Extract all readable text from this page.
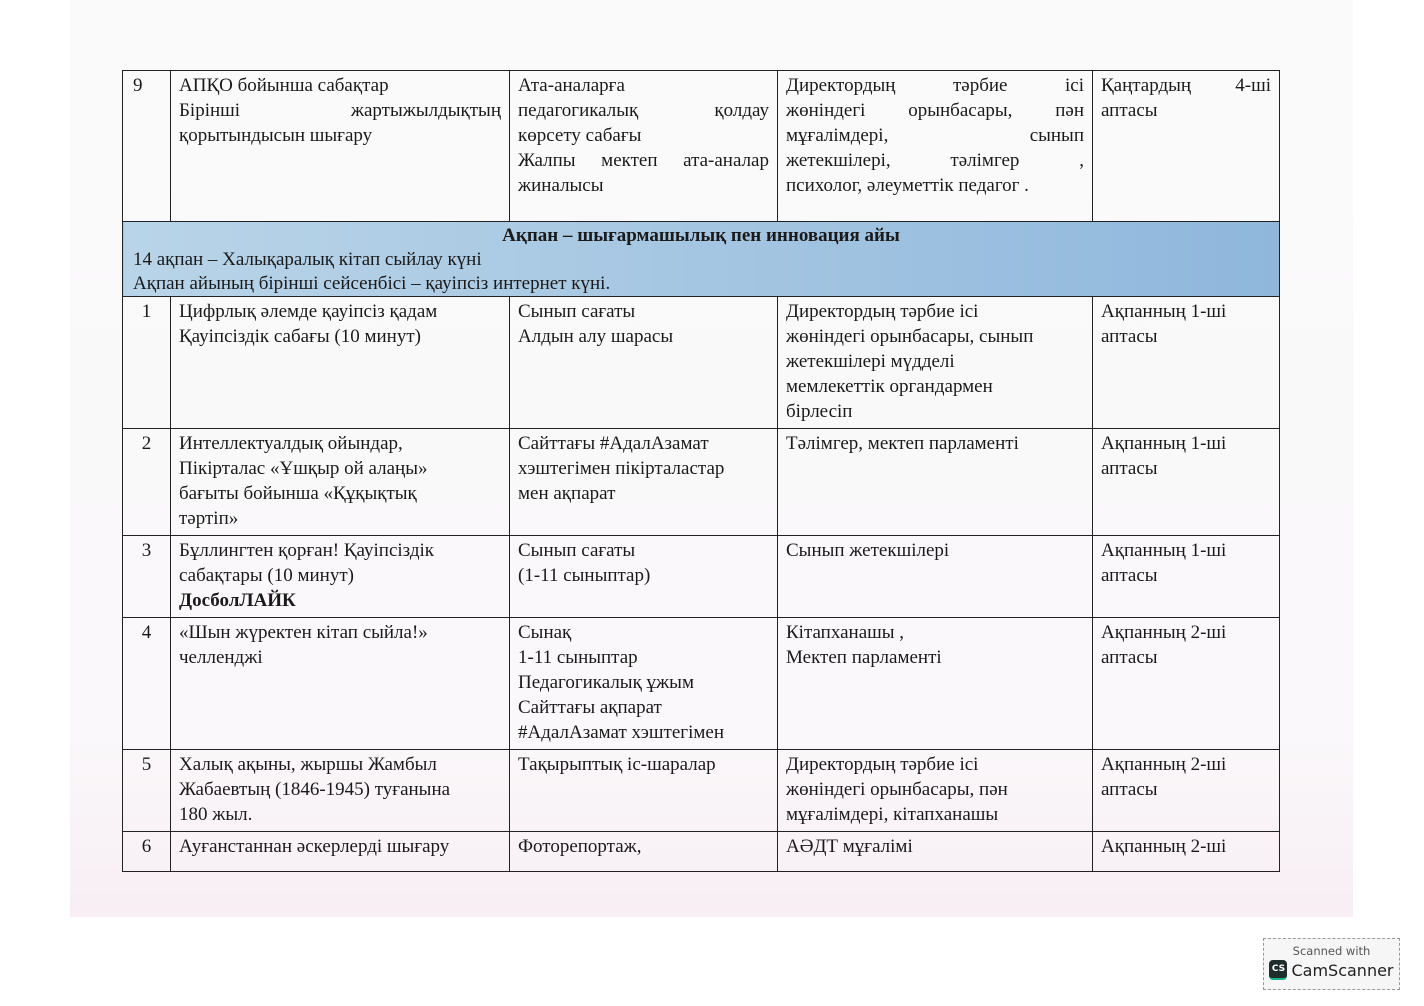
9	АПҚО бойынша сабақтар
Бірінші жартыжылдықтың
қорытындысын шығару	Ата-аналарға
педагогикалық қолдау
көрсету сабағы
Жалпы мектеп ата-аналар
жиналысы	Директордың тәрбие ісі
жөніндегі орынбасары, пән
мұғалімдері, сынып
жетекшілері, тәлімгер ,
психолог, әлеуметтік педагог .	Қаңтардың 4-ші
аптасы

Ақпан – шығармашылық пен инновация айы
14 ақпан – Халықаралық кітап сыйлау күні
Ақпан айының бірінші сейсенбісі – қауіпсіз интернет күні.				

1	Цифрлық әлемде қауіпсіз қадам
Қауіпсіздік сабағы (10 минут)	Сынып сағаты
Алдын алу шарасы	Директордың тәрбие ісі
жөніндегі орынбасары, сынып
жетекшілері мүдделі
мемлекеттік органдармен
бірлесіп	Ақпанның 1-ші
аптасы

2	Интеллектуалдық ойындар,
Пікірталас «Ұшқыр ой алаңы»
бағыты бойынша «Құқықтық
тәртіп»	Сайттағы #АдалАзамат
хэштегімен пікірталастар
мен ақпарат	Тәлімгер, мектеп парламенті	Ақпанның 1-ші
аптасы

3	Бұллингтен қорған! Қауіпсіздік
сабақтары (10 минут)
ДосболЛАЙК	Сынып сағаты
(1-11 сыныптар)	Сынып жетекшілері	Ақпанның 1-ші
аптасы

4	«Шын жүректен кітап сыйла!»
челленджі	Сынақ
1-11 сыныптар
Педагогикалық ұжым
Сайттағы ақпарат
#АдалАзамат хэштегімен	Кітапханашы ,
Мектеп парламенті	Ақпанның 2-ші
аптасы

5	Халық ақыны, жыршы Жамбыл
Жабаевтың (1846-1945) туғанына
180 жыл.	Тақырыптық іс-шаралар	Директордың тәрбие ісі
жөніндегі орынбасары, пән
мұғалімдері, кітапханашы	Ақпанның 2-ші
аптасы

6	Ауғанстаннан әскерлерді шығару	Фоторепортаж,	АӘДТ мұғалімі	Ақпанның 2-ші
Scanned with
CS CamScanner
